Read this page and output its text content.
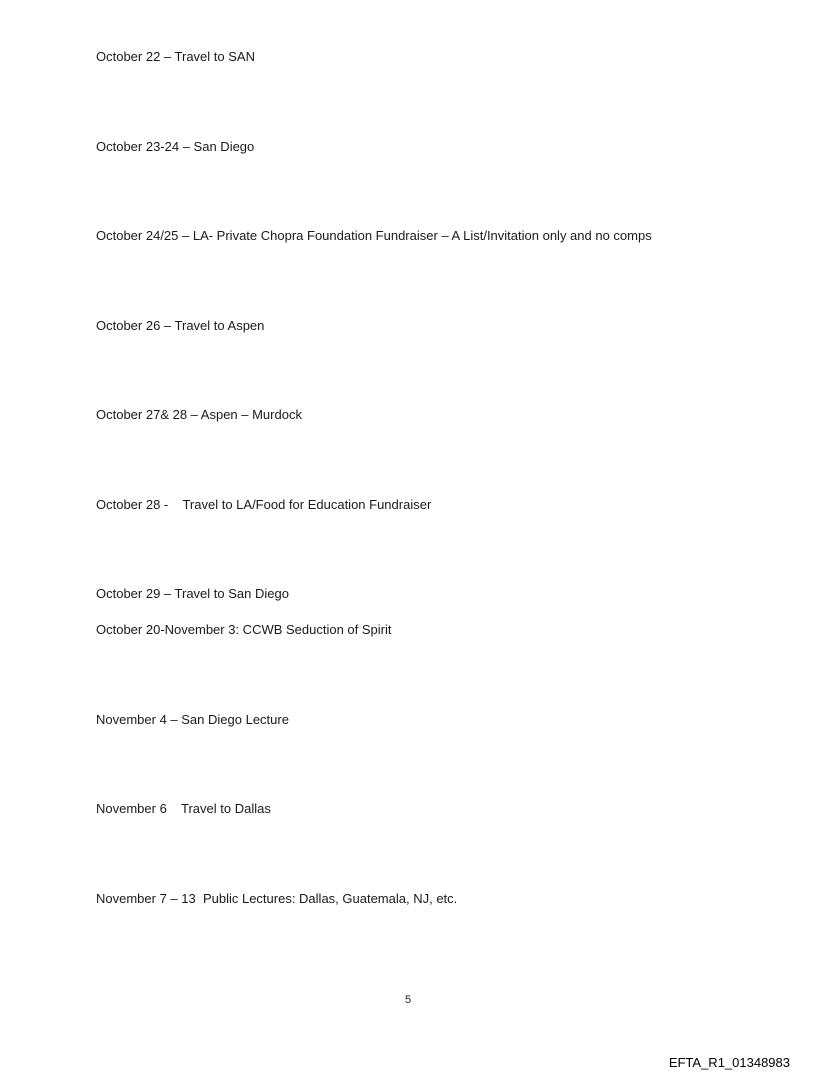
October 22 – Travel to SAN
October 23-24 – San Diego
October 24/25 – LA- Private Chopra Foundation Fundraiser – A List/Invitation only and no comps
October 26 – Travel to Aspen
October 27& 28 – Aspen – Murdock
October 28 -    Travel to LA/Food for Education Fundraiser
October 29 – Travel to San Diego
October 20-November 3: CCWB Seduction of Spirit
November 4 – San Diego Lecture
November 6    Travel to Dallas
November 7 – 13  Public Lectures: Dallas, Guatemala, NJ, etc.
5
EFTA_R1_01348983
